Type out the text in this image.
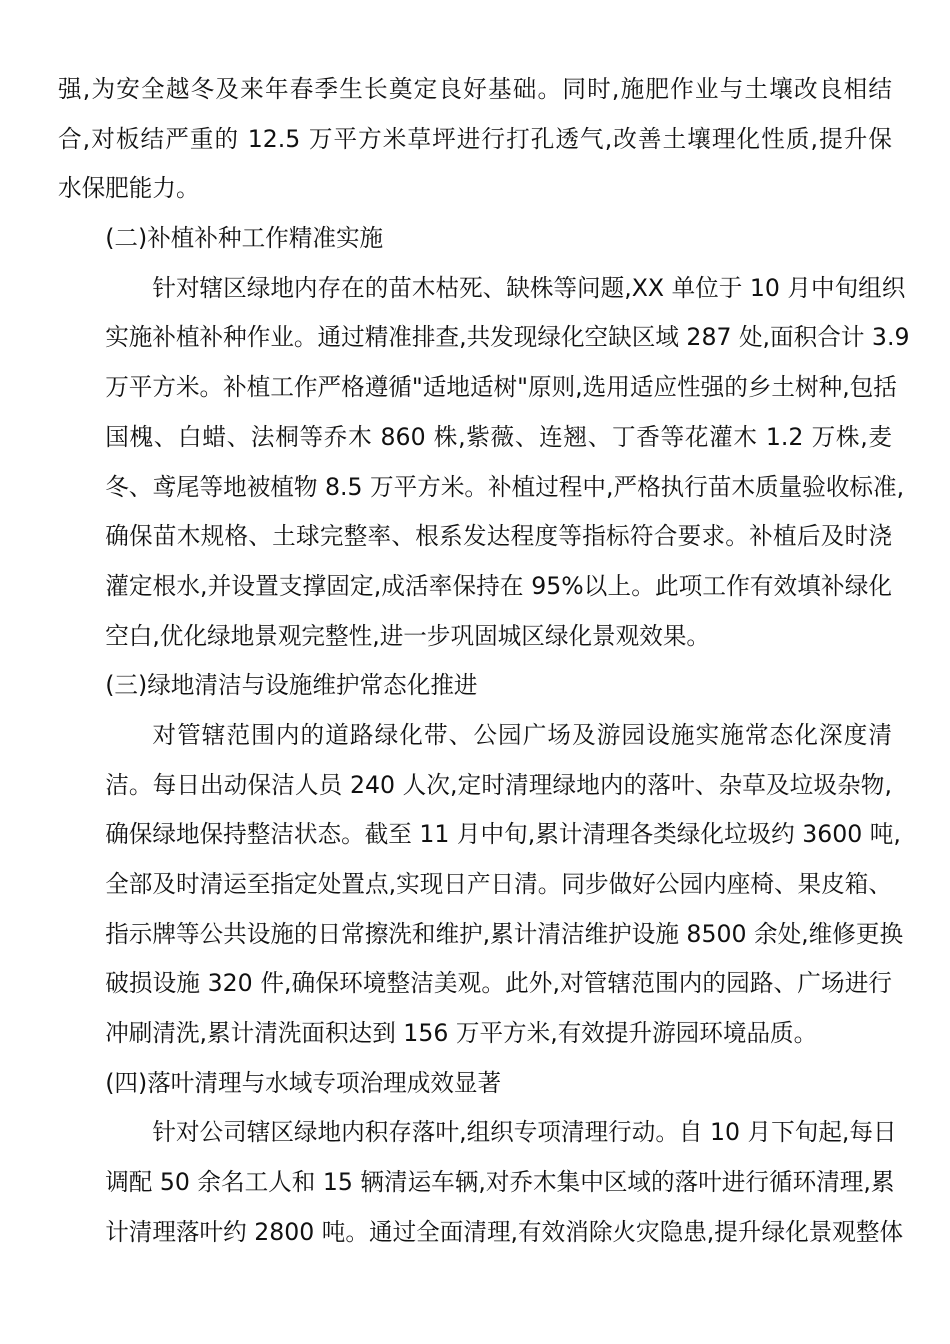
强,为安全越冬及来年春季生长奠定良好基础。同时,施肥作业与土壤改良相结
合,对板结严重的 12.5 万平方米草坪进行打孔透气,改善土壤理化性质,提升保
水保肥能力。
(二)补植补种工作精准实施
针对辖区绿地内存在的苗木枯死、缺株等问题,XX 单位于 10 月中旬组织
实施补植补种作业。通过精准排查,共发现绿化空缺区域 287 处,面积合计 3.9
万平方米。补植工作严格遵循"适地适树"原则,选用适应性强的乡土树种,包括
国槐、白蜡、法桐等乔木 860 株,紫薇、连翘、丁香等花灌木 1.2 万株,麦
冬、鸢尾等地被植物 8.5 万平方米。补植过程中,严格执行苗木质量验收标准,
确保苗木规格、土球完整率、根系发达程度等指标符合要求。补植后及时浇
灌定根水,并设置支撑固定,成活率保持在 95%以上。此项工作有效填补绿化
空白,优化绿地景观完整性,进一步巩固城区绿化景观效果。
(三)绿地清洁与设施维护常态化推进
对管辖范围内的道路绿化带、公园广场及游园设施实施常态化深度清
洁。每日出动保洁人员 240 人次,定时清理绿地内的落叶、杂草及垃圾杂物,
确保绿地保持整洁状态。截至 11 月中旬,累计清理各类绿化垃圾约 3600 吨,
全部及时清运至指定处置点,实现日产日清。同步做好公园内座椅、果皮箱、
指示牌等公共设施的日常擦洗和维护,累计清洁维护设施 8500 余处,维修更换
破损设施 320 件,确保环境整洁美观。此外,对管辖范围内的园路、广场进行
冲刷清洗,累计清洗面积达到 156 万平方米,有效提升游园环境品质。
(四)落叶清理与水域专项治理成效显著
针对公司辖区绿地内积存落叶,组织专项清理行动。自 10 月下旬起,每日
调配 50 余名工人和 15 辆清运车辆,对乔木集中区域的落叶进行循环清理,累
计清理落叶约 2800 吨。通过全面清理,有效消除火灾隐患,提升绿化景观整体
